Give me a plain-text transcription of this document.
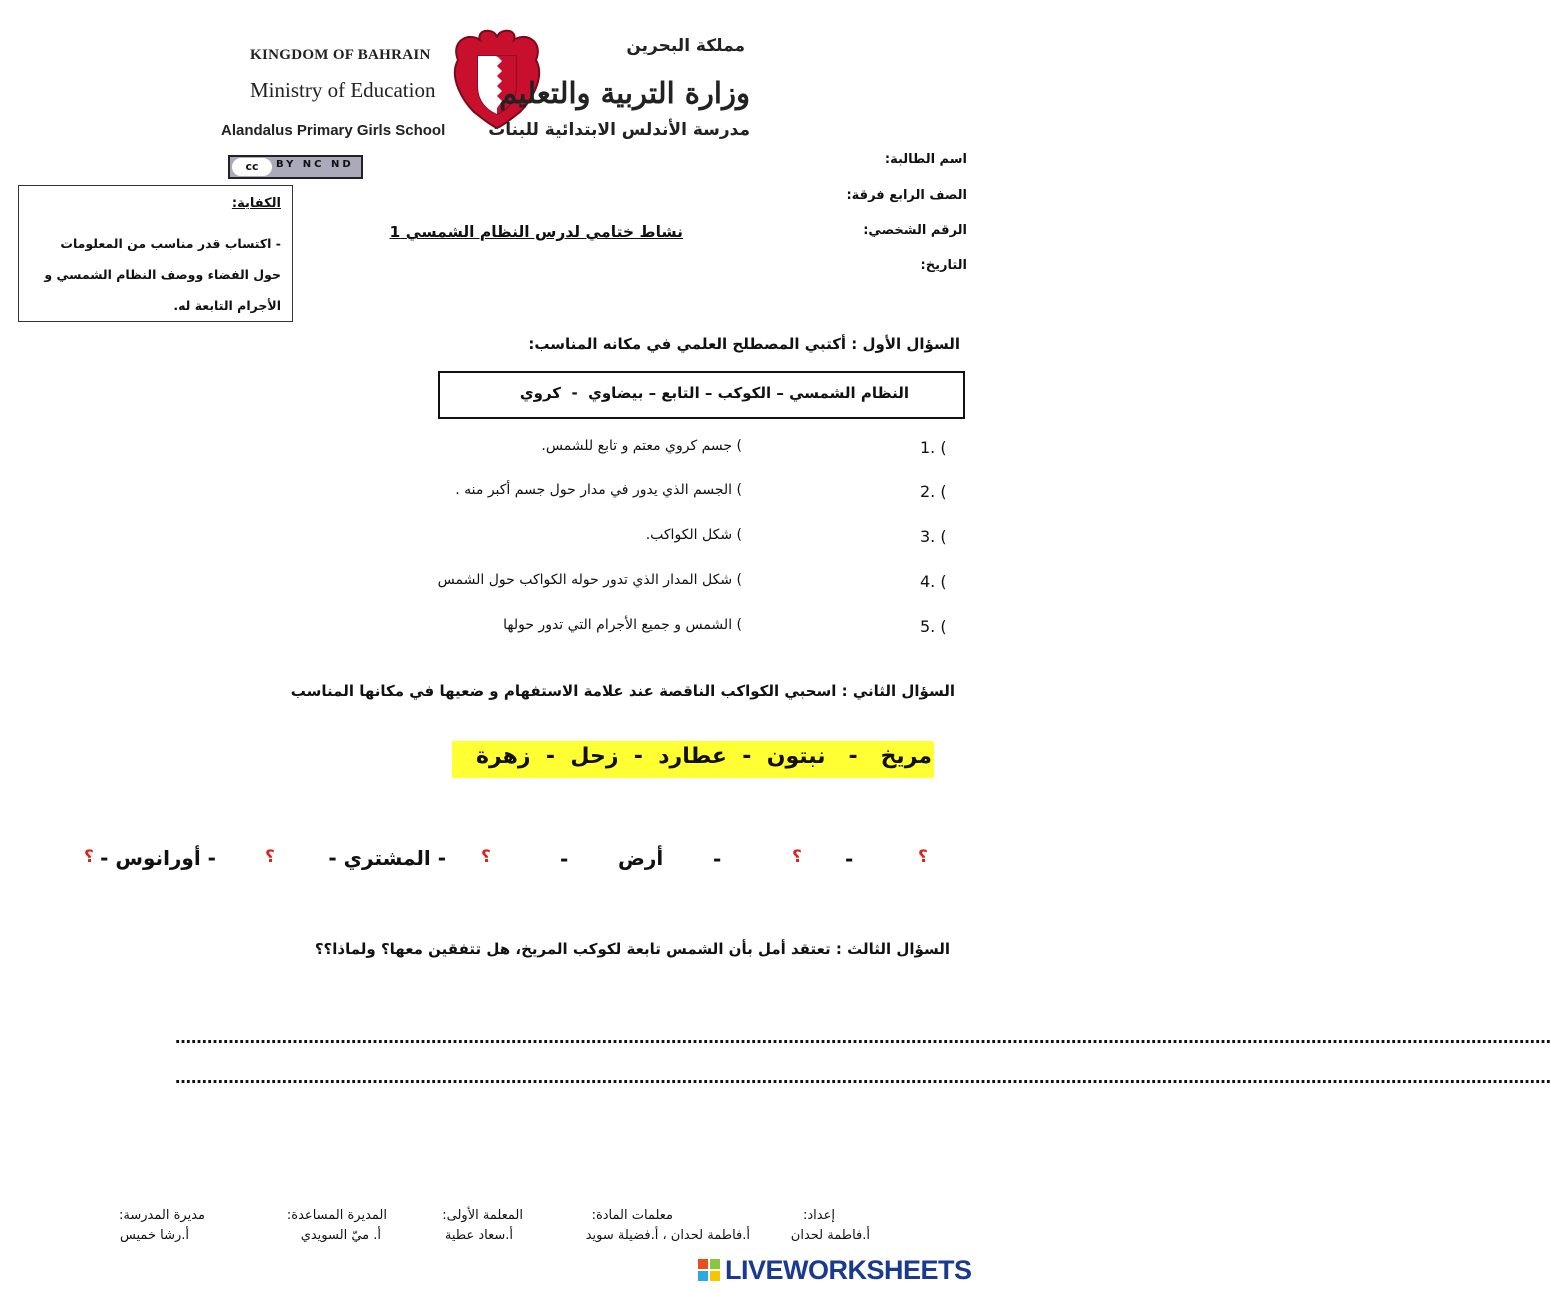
KINGDOM OF BAHRAIN
Ministry of Education
Alandalus Primary Girls School
مملكة البحرين
وزارة التربية والتعليم
مدرسة الأندلس الابتدائية للبنات
cc	BY NC ND	اسم الطالبة:
الصف الرابع فرقة:
الرقم الشخصي:
التاريخ:
الكفاية:
- اكتساب قدر مناسب من المعلومات حول الفضاء ووصف النظام الشمسي و الأجرام التابعة له.
نشاط ختامي لدرس النظام الشمسي 1
السؤال الأول : أكتبي المصطلح العلمي في مكانه المناسب:
النظام الشمسي – الكوكب – التابع – بيضاوي  -  كروي
1. (
) جسم كروي معتم و تابع للشمس.
2. (
) الجسم الذي يدور في مدار حول جسم أكبر منه .
3. (
) شكل الكواكب.
4. (
) شكل المدار الذي تدور حوله الكواكب حول الشمس
5. (
) الشمس و جميع الأجرام التي تدور حولها
السؤال الثاني : اسحبي الكواكب الناقصة عند علامة الاستفهام و ضعيها في مكانها المناسب
مريخ   -   نبتون  -  عطارد  -  زحل  -  زهرة
؟
-
؟
-
أرض
-
؟
- المشتري -
؟
- أورانوس -
؟
السؤال الثالث : تعتقد أمل بأن الشمس تابعة لكوكب المريخ، هل تتفقين معها؟ ولماذا؟؟
……………………………………………………………………………………………………………………………………………………………………………………………………………………………………
……………………………………………………………………………………………………………………………………………………………………………………………………………………………………
إعداد:
أ.فاطمة لحدان
معلمات المادة:
أ.فاطمة لحدان ، أ.فضيلة سويد
المعلمة الأولى:
أ.سعاد عطية
المديرة المساعدة:
أ. ميّ السويدي
مديرة المدرسة:
أ.رشا خميس
LIVEWORKSHEETS
